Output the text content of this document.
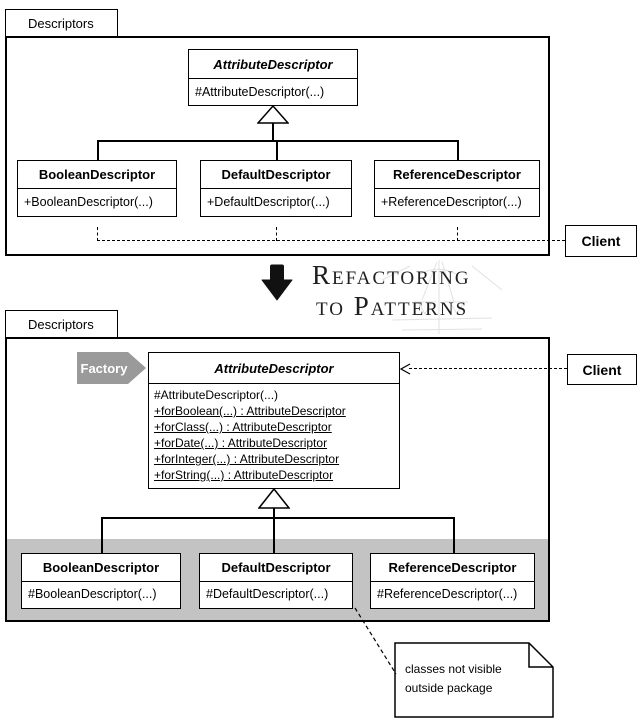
Descriptors
AttributeDescriptor
#AttributeDescriptor(...)
BooleanDescriptor
+BooleanDescriptor(...)
DefaultDescriptor
+DefaultDescriptor(...)
ReferenceDescriptor
+ReferenceDescriptor(...)
Client
Refactoring
to Patterns
Descriptors
Factory	AttributeDescriptor
#AttributeDescriptor(...)
+forBoolean(...) : AttributeDescriptor
+forClass(...) : AttributeDescriptor
+forDate(...) : AttributeDescriptor
+forInteger(...) : AttributeDescriptor
+forString(...) : AttributeDescriptor
Client
BooleanDescriptor
#BooleanDescriptor(...)
DefaultDescriptor
#DefaultDescriptor(...)
ReferenceDescriptor
#ReferenceDescriptor(...)
classes not visible
outside package
